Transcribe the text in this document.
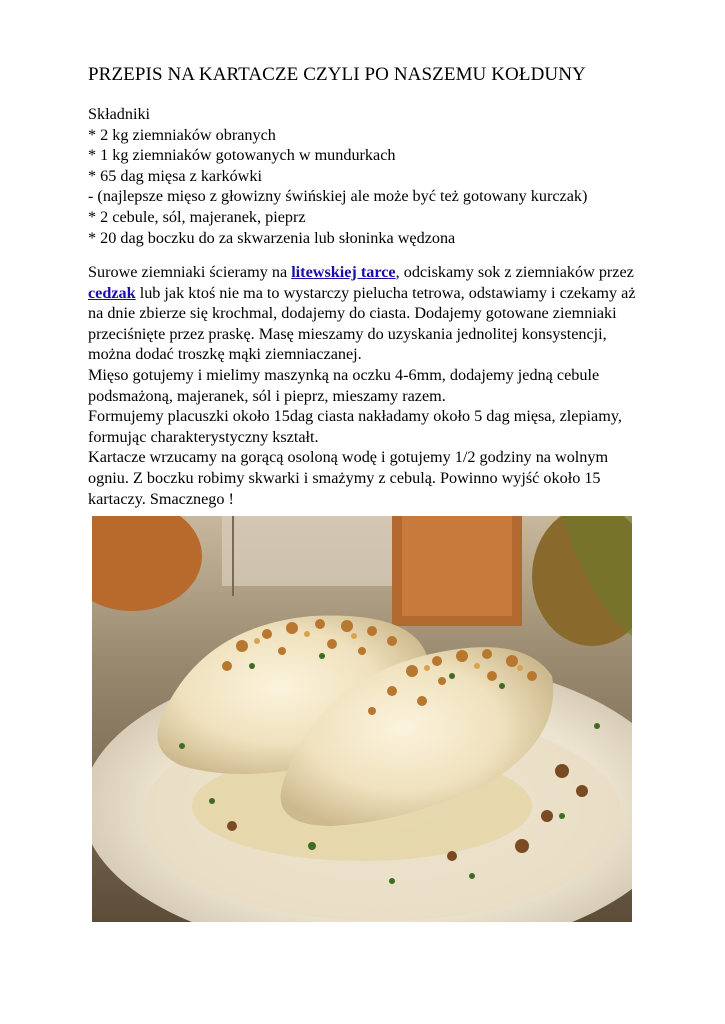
PRZEPIS NA KARTACZE CZYLI PO NASZEMU KOŁDUNY
Składniki
* 2 kg ziemniaków obranych
* 1 kg ziemniaków gotowanych w mundurkach
* 65 dag mięsa z karkówki
- (najlepsze mięso z głowizny świńskiej ale może być też gotowany kurczak)
* 2 cebule, sól, majeranek, pieprz
* 20 dag boczku do za skwarzenia lub słoninka wędzona

Surowe ziemniaki ścieramy na litewskiej tarce, odciskamy sok z ziemniaków przez cedzak lub jak ktoś nie ma to wystarczy pielucha tetrowa, odstawiamy i czekamy aż na dnie zbierze się krochmal, dodajemy do ciasta. Dodajemy gotowane ziemniaki przeciśnięte przez praskę. Masę mieszamy do uzyskania jednolitej konsystencji, można dodać troszkę mąki ziemniaczanej.

Mięso gotujemy i mielimy maszynką na oczku 4-6mm, dodajemy jedną cebule podsmażoną, majeranek, sól i pieprz, mieszamy razem.

Formujemy placuszki około 15dag ciasta nakładamy około 5 dag mięsa, zlepiamy, formując charakterystyczny kształt.

Kartacze wrzucamy na gorącą osoloną wodę i gotujemy 1/2 godziny na wolnym ogniu. Z boczku robimy skwarki i smażymy z cebulą. Powinno wyjść około 15 kartaczy. Smacznego !
